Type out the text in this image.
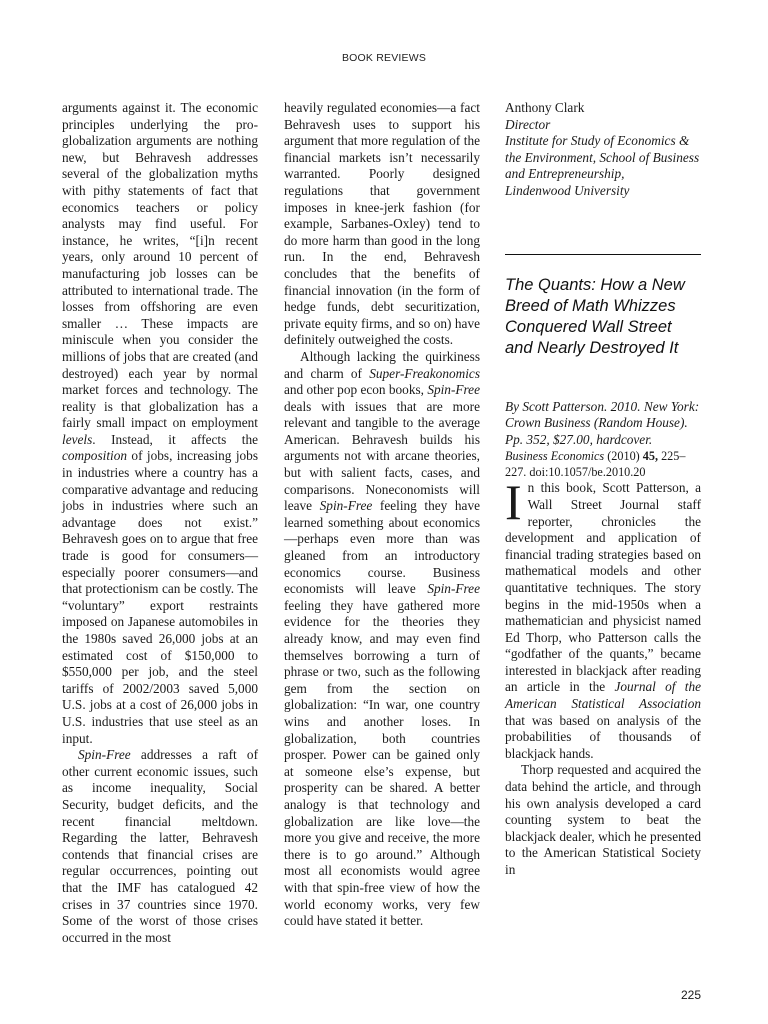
BOOK REVIEWS

arguments against it. The economic principles underlying the pro-globalization arguments are nothing new, but Behravesh addresses several of the globalization myths with pithy statements of fact that economics teachers or policy analysts may find useful. For instance, he writes, “[i]n recent years, only around 10 percent of manufacturing job losses can be attributed to international trade. The losses from offshoring are even smaller … These impacts are miniscule when you consider the millions of jobs that are created (and destroyed) each year by normal market forces and technology. The reality is that globalization has a fairly small impact on employment levels. Instead, it affects the composition of jobs, increasing jobs in industries where a country has a comparative advantage and reducing jobs in industries where such an advantage does not exist.” Behravesh goes on to argue that free trade is good for consumers—especially poorer consumers—and that protectionism can be costly. The “voluntary” export restraints imposed on Japanese automobiles in the 1980s saved 26,000 jobs at an estimated cost of $150,000 to $550,000 per job, and the steel tariffs of 2002/2003 saved 5,000 U.S. jobs at a cost of 26,000 jobs in U.S. industries that use steel as an input.

Spin-Free addresses a raft of other current economic issues, such as income inequality, Social Security, budget deficits, and the recent financial meltdown. Regarding the latter, Behravesh contends that financial crises are regular occurrences, pointing out that the IMF has catalogued 42 crises in 37 countries since 1970. Some of the worst of those crises occurred in the most

heavily regulated economies—a fact Behravesh uses to support his argument that more regulation of the financial markets isn’t necessarily warranted. Poorly designed regulations that government imposes in knee-jerk fashion (for example, Sarbanes-Oxley) tend to do more harm than good in the long run. In the end, Behravesh concludes that the benefits of financial innovation (in the form of hedge funds, debt securitization, private equity firms, and so on) have definitely outweighed the costs.

Although lacking the quirkiness and charm of Super-Freakonomics and other pop econ books, Spin-Free deals with issues that are more relevant and tangible to the average American. Behravesh builds his arguments not with arcane theories, but with salient facts, cases, and comparisons. Noneconomists will leave Spin-Free feeling they have learned something about economics—perhaps even more than was gleaned from an introductory economics course. Business economists will leave Spin-Free feeling they have gathered more evidence for the theories they already know, and may even find themselves borrowing a turn of phrase or two, such as the following gem from the section on globalization: “In war, one country wins and another loses. In globalization, both countries prosper. Power can be gained only at someone else’s expense, but prosperity can be shared. A better analogy is that technology and globalization are like love—the more you give and receive, the more there is to go around.” Although most all economists would agree with that spin-free view of how the world economy works, very few could have stated it better.

Anthony Clark

Director

Institute for Study of Economics & the Environment, School of Business and Entrepreneurship,

Lindenwood University

The Quants: How a New Breed of Math Whizzes Conquered Wall Street and Nearly Destroyed It

By Scott Patterson. 2010. New York: Crown Business (Random House). Pp. 352, $27.00, hardcover.

Business Economics (2010) 45, 225–227. doi:10.1057/be.2010.20

In this book, Scott Patterson, a Wall Street Journal staff reporter, chronicles the development and application of financial trading strategies based on mathematical models and other quantitative techniques. The story begins in the mid-1950s when a mathematician and physicist named Ed Thorp, who Patterson calls the “godfather of the quants,” became interested in blackjack after reading an article in the Journal of the American Statistical Association that was based on analysis of the probabilities of thousands of blackjack hands.

Thorp requested and acquired the data behind the article, and through his own analysis developed a card counting system to beat the blackjack dealer, which he presented to the American Statistical Society in

225
